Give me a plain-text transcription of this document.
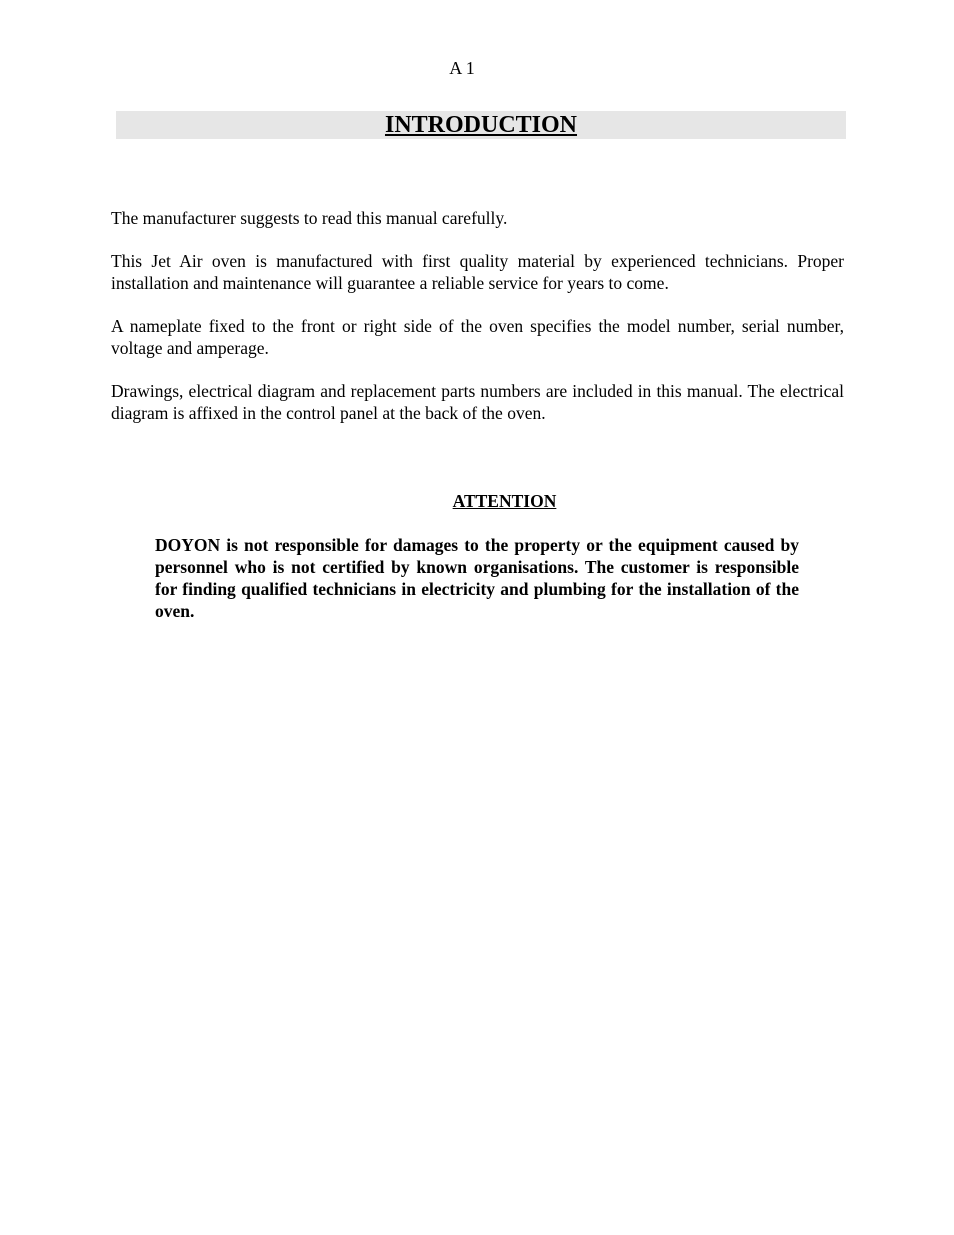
A 1
INTRODUCTION

The manufacturer suggests to read this manual carefully.

This Jet Air oven is manufactured with first quality material by experienced technicians. Proper installation and maintenance will guarantee a reliable service for years to come.

A nameplate fixed to the front or right side of the oven specifies the model number, serial number, voltage and amperage.

Drawings, electrical diagram and replacement parts numbers are included in this manual. The electrical diagram is affixed in the control panel at the back of the oven.

ATTENTION

DOYON is not responsible for damages to the property or the equipment caused by personnel who is not certified by known organisations. The customer is responsible for finding qualified technicians in electricity and plumbing for the installation of the oven.
